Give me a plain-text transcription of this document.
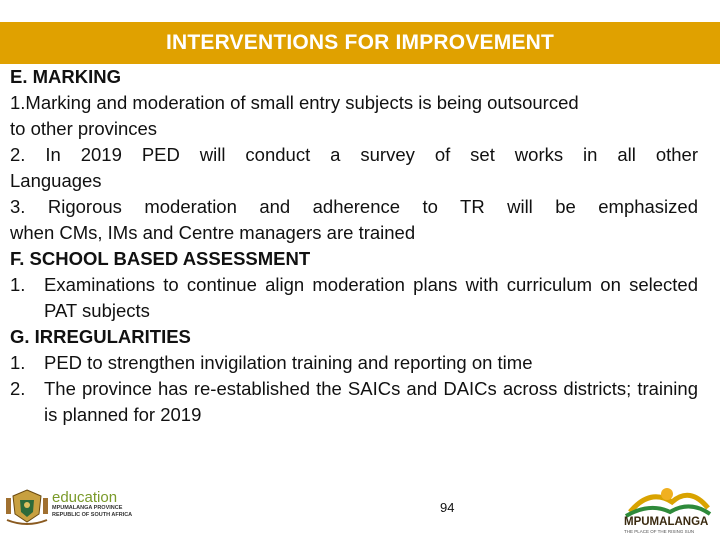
INTERVENTIONS FOR IMPROVEMENT

E. MARKING

1.Marking and moderation of small entry subjects is being outsourced

to other provinces

2. In 2019 PED will conduct a survey of set works in all other

Languages

3. Rigorous moderation and adherence to TR will be emphasized

when CMs, IMs and Centre managers are trained

F. SCHOOL BASED ASSESSMENT

1.	Examinations to continue align moderation plans with curriculum on selected PAT subjects

G. IRREGULARITIES

1.	PED to strengthen invigilation training and reporting on time
2.	The province has re-established the SAICs and DAICs across districts; training is planned for 2019
education
MPUMALANGA PROVINCE
REPUBLIC OF SOUTH AFRICA	94
MPUMALANGA
THE PLACE OF THE RISING SUN
